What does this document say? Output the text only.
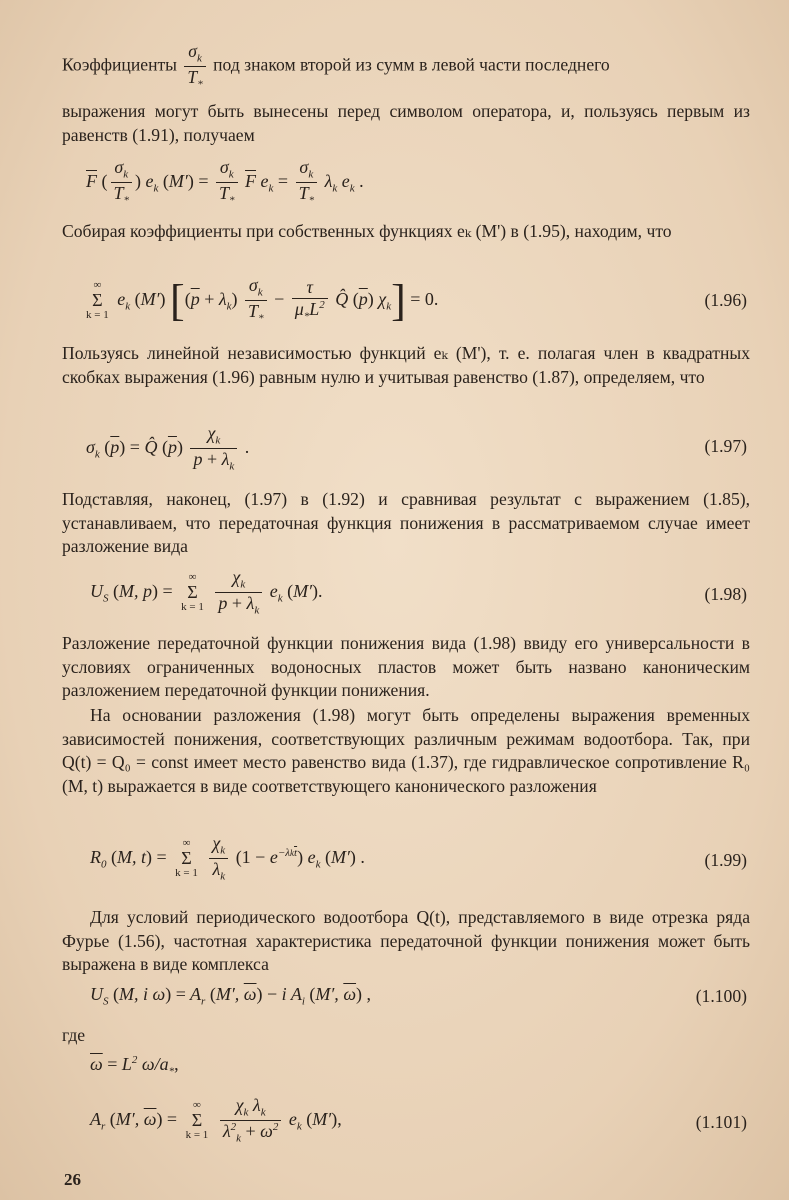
Коэффициенты $\frac{\sigma_k}{T_*}$ под знаком второй из сумм в левой части последнего
выражения могут быть вынесены перед символом оператора, и, пользуясь первым из равенств (1.91), получаем
$\overline{F}$ ( $\frac{\sigma_k}{T_*}$ ) $e_k$ $(M') = \frac{\sigma_k}{T_*} \overline{F}$ $e_k = \frac{\sigma_k}{T_*} \lambda_k$ $e_k$ .
Собирая коэффициенты при собственных функциях eₖ (M') в (1.95), находим, что
∞
Σ
k = 1
$e_k$ (M′) [$(\overline{p} + \lambda_k) \frac{\sigma_k}{T_*} - \frac{\tau}{\mu_*L^2}$ Q̂ $(\overline{p}) \chi_k] = 0$.	(1.96)
Пользуясь линейной независимостью функций eₖ (M'), т. е. полагая член в квадратных скобках выражения (1.96) равным нулю и учитывая равенство (1.87), определяем, что
$\sigma_k$ $(\overline{p})$ = Q̂ $(\overline{p}) \frac{\chi_k}{\overline{p} + \lambda_k}$ .	(1.97)
Подставляя, наконец, (1.97) в (1.92) и сравнивая результат с выражением (1.85), устанавливаем, что передаточная функция понижения в рассматриваемом случае имеет разложение вида
$U_S$ (M, p) =
∞
Σ
k = 1
$\frac{\chi_k}{\overline{p} + \lambda_k} e_k$ (M′).	(1.98)
Разложение передаточной функции понижения вида (1.98) ввиду его универсальности в условиях ограниченных водоносных пластов может быть названо каноническим разложением передаточной функции понижения.
На основании разложения (1.98) могут быть определены выражения временных зависимостей понижения, соответствующих различным режимам водоотбора. Так, при Q(t) = Q₀ = const имеет место равенство вида (1.37), где гидравлическое сопротивление R₀ (M, t) выражается в виде соответствующего канонического разложения
$R_0$ (M, t) =
∞
Σ
k = 1
$\frac{\chi_k}{\lambda_k} (1 - e^{-\lambda k\overline{t}})$ $e_k$ (M′) .	(1.99)
Для условий периодического водоотбора Q(t), представляемого в виде отрезка ряда Фурье (1.56), частотная характеристика передаточной функции понижения может быть выражена в виде комплекса
$U_S$ (M, i $\omega) = A_r$ (M′, $\overline{\omega}) - i$ $A_i$ (M′, $\overline{\omega}$) ,	(1.100)
где
$\overline{\omega} = L^2$ $\omega/a_*$,
$A_r$ (M′, $\overline{\omega}$) =
∞
Σ
k = 1
$\frac{\chi_k \lambda_k}{\lambda^2_k + \overline{\omega}^2} e_k$ (M′),	(1.101)
26
